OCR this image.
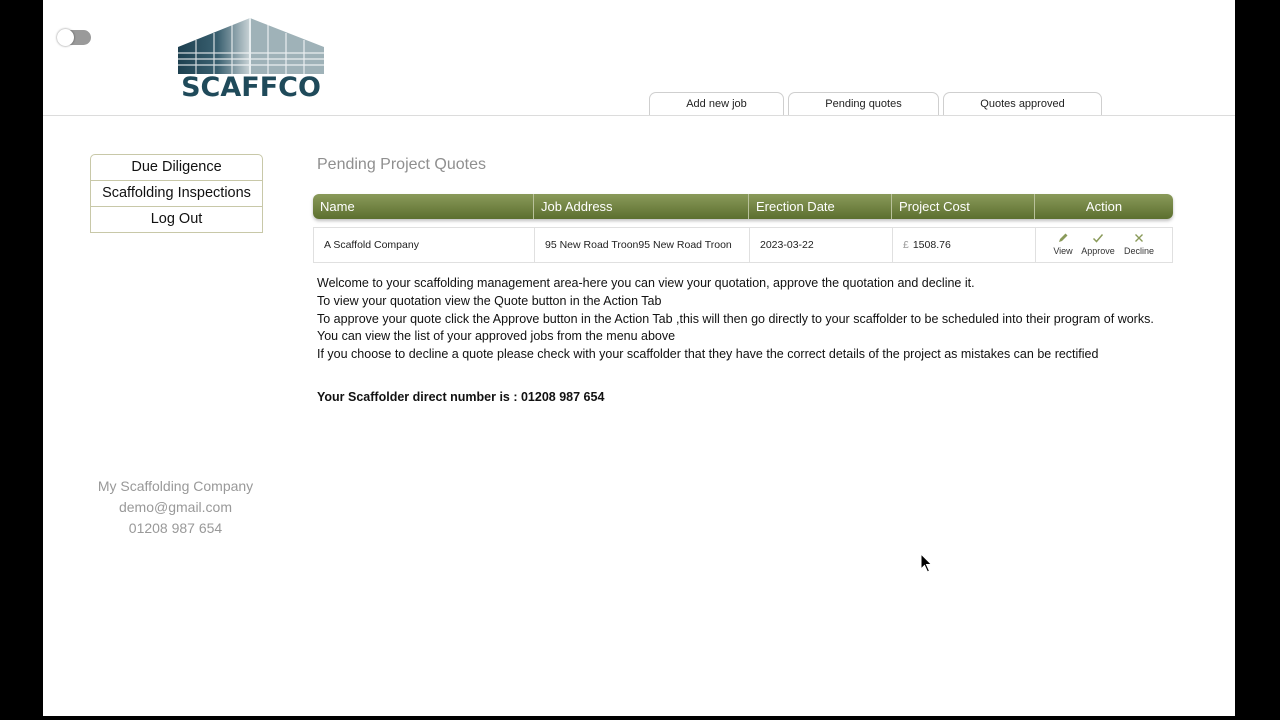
SCAFFCO
Add new job	Pending quotes	Quotes approved
Due Diligence
Scaffolding Inspections
Log Out
My Scaffolding Company
demo@gmail.com
01208 987 654
Pending Project Quotes
Name	Job Address	Erection Date	Project Cost	Action
A Scaffold Company	95 New Road Troon95 New Road Troon	2023-03-22	£ 1508.76	View Approve Decline

Welcome to your scaffolding management area-here you can view your quotation, approve the quotation and decline it.

To view your quotation view the Quote button in the Action Tab

To approve your quote click the Approve button in the Action Tab ,this will then go directly to your scaffolder to be scheduled into their program of works.

You can view the list of your approved jobs from the menu above

If you choose to decline a quote please check with your scaffolder that they have the correct details of the project as mistakes can be rectified

Your Scaffolder direct number is : 01208 987 654
